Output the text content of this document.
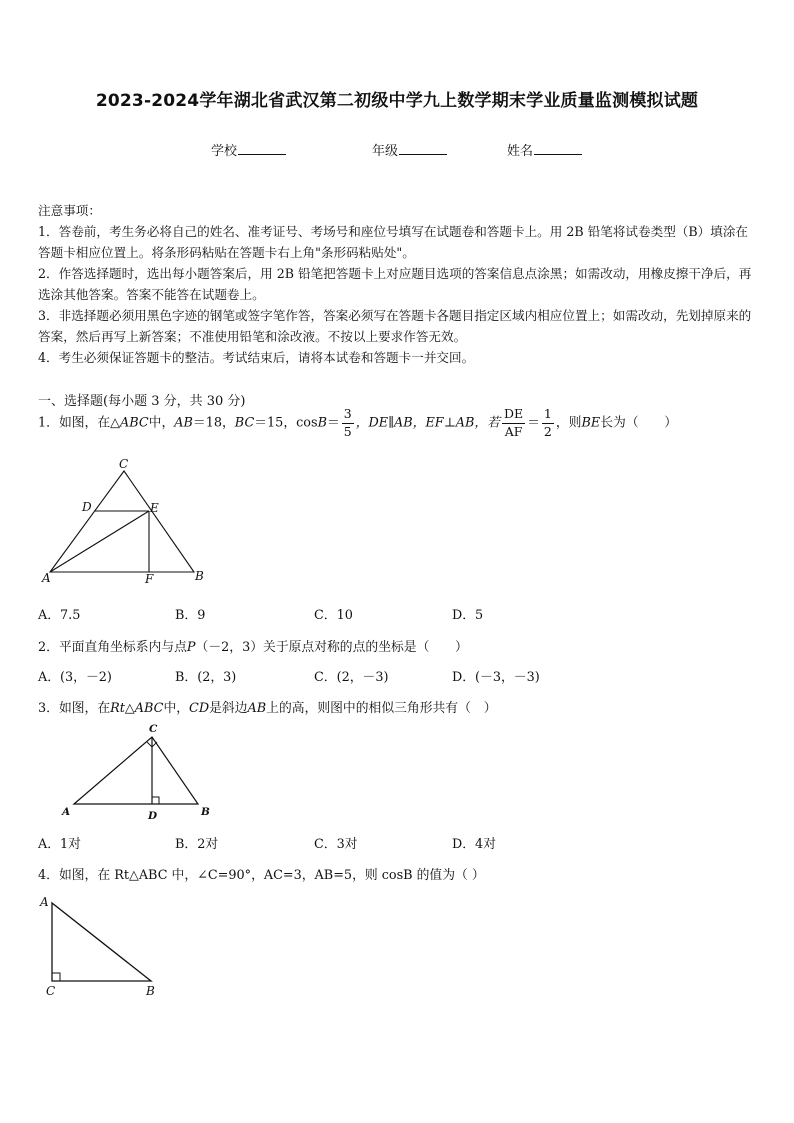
2023-2024学年湖北省武汉第二初级中学九上数学期末学业质量监测模拟试题
学校	年级	姓名

注意事项：

1．答卷前，考生务必将自己的姓名、准考证号、考场号和座位号填写在试题卷和答题卡上。用 2B 铅笔将试卷类型（B）填涂在答题卡相应位置上。将条形码粘贴在答题卡右上角"条形码粘贴处"。

2．作答选择题时，选出每小题答案后，用 2B 铅笔把答题卡上对应题目选项的答案信息点涂黑；如需改动，用橡皮擦干净后，再选涂其他答案。答案不能答在试题卷上。

3．非选择题必须用黑色字迹的钢笔或签字笔作答，答案必须写在答题卡各题目指定区域内相应位置上；如需改动，先划掉原来的答案，然后再写上新答案；不准使用铅笔和涂改液。不按以上要求作答无效。

4．考生必须保证答题卡的整洁。考试结束后，请将本试卷和答题卡一并交回。

一、选择题(每小题 3 分，共 30 分)
1．如图，在△ABC中，AB＝18，BC＝15，$\cos B= \frac{3}{5}$ ，DE∥AB，EF⊥AB，若 $\frac{DE}{AF} = \frac{1}{2}$ ，则BE长为（　　）
C
D	E
A	F	B
A．7.5	B．9	C．10	D．5
2．平面直角坐标系内与点P（－2，3）关于原点对称的点的坐标是（　　）
A．(3，－2)	B．(2，3)	C．(2，－3)	D．(－3，－3)
3．如图，在Rt△ABC中，CD是斜边AB上的高，则图中的相似三角形共有（　）
C
A	D	B
A．1对	B．2对	C．3对	D．4对
4．如图，在 Rt△ABC 中，∠C=90°，AC=3，AB=5，则 cosB 的值为（ ）
A
C	B
